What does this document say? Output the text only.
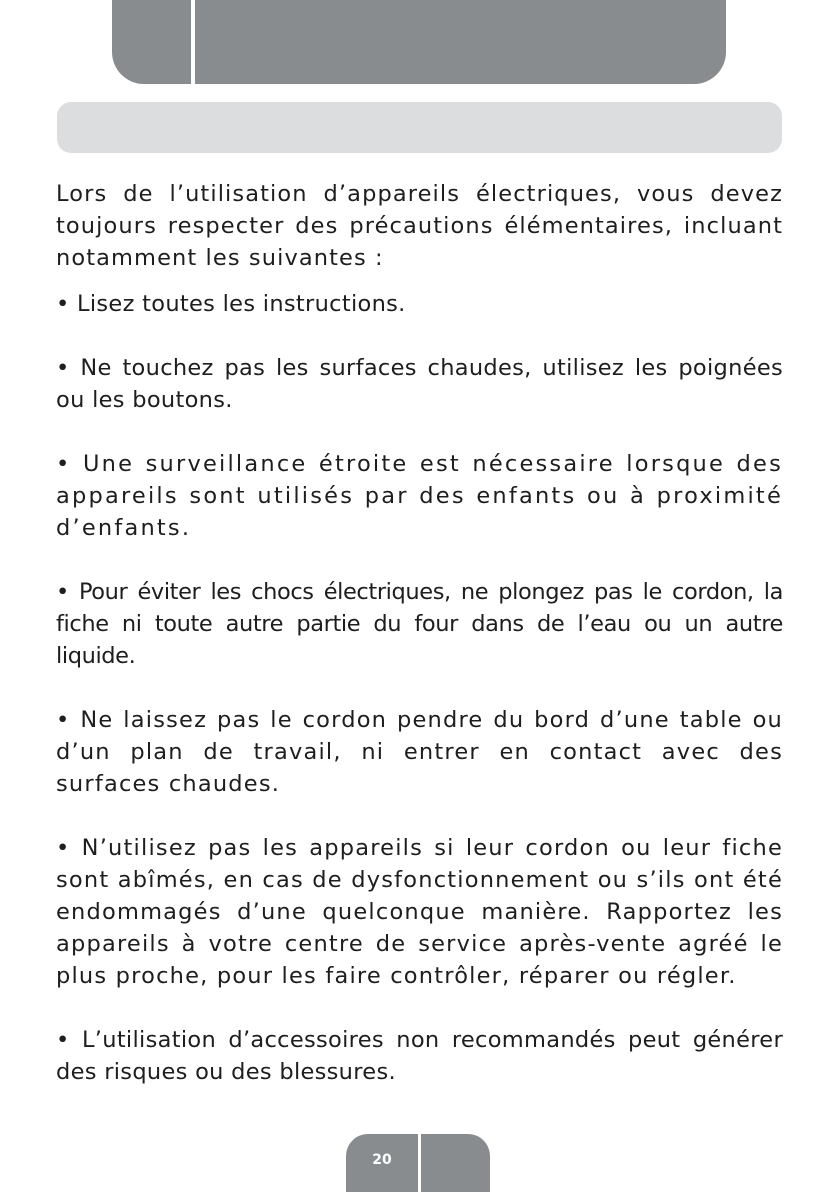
Lors de l’utilisation d’appareils électriques, vous devez toujours respecter des précautions élémentaires, incluant notamment les suivantes :

• Lisez toutes les instructions.

• Ne touchez pas les surfaces chaudes, utilisez les poignées ou les boutons.

• Une surveillance étroite est nécessaire lorsque des appareils sont utilisés par des enfants ou à proximité d’enfants.

• Pour éviter les chocs électriques, ne plongez pas le cordon, la fiche ni toute autre partie du four dans de l’eau ou un autre liquide.

• Ne laissez pas le cordon pendre du bord d’une table ou d’un plan de travail, ni entrer en contact avec des surfaces chaudes.

• N’utilisez pas les appareils si leur cordon ou leur fiche sont abîmés, en cas de dysfonctionnement ou s’ils ont été endommagés d’une quelconque manière. Rapportez les appareils à votre centre de service après-vente agréé le plus proche, pour les faire contrôler, réparer ou régler.

• L’utilisation d’accessoires non recommandés peut générer des risques ou des blessures.

20
